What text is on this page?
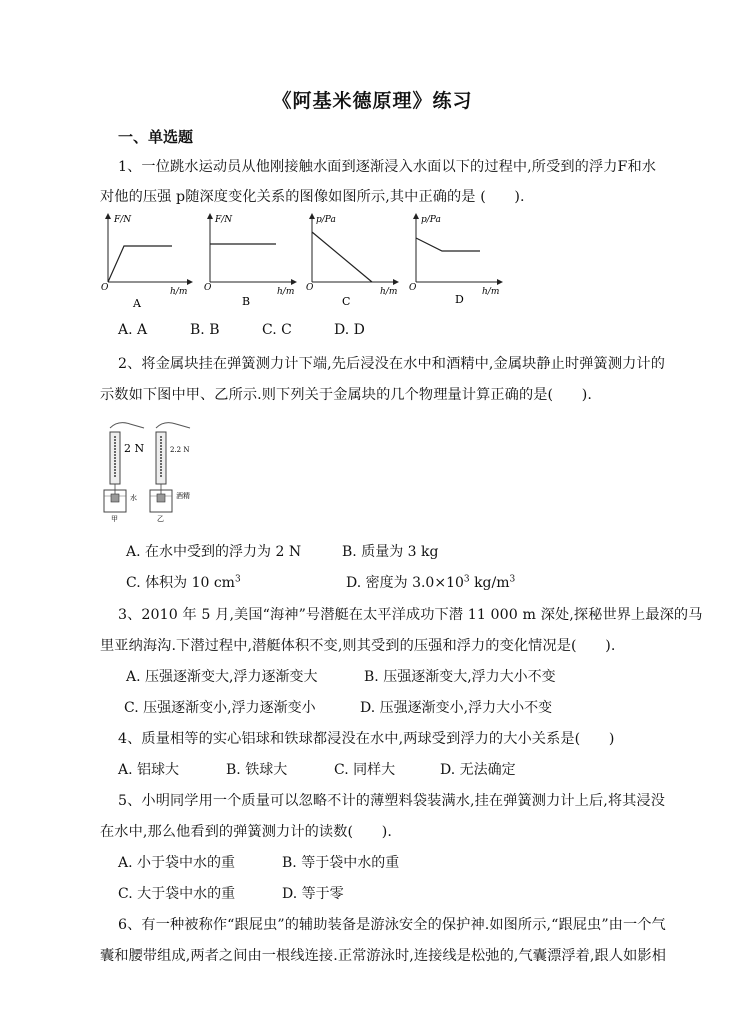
《阿基米德原理》练习
一、单选题
1、一位跳水运动员从他刚接触水面到逐渐浸入水面以下的过程中,所受到的浮力F和水
对他的压强 p随深度变化关系的图像如图所示,其中正确的是 (　　).
F/N
h/m
O
A
F/N
h/m
O
B
p/Pa
h/m
O
C
p/Pa
h/m
O
D
A. A	B. B	C. C	D. D
2、将金属块挂在弹簧测力计下端,先后浸没在水中和酒精中,金属块静止时弹簧测力计的
示数如下图中甲、乙所示.则下列关于金属块的几个物理量计算正确的是(　　).
2 N
水
甲
2.2 N
酒精
乙
A. 在水中受到的浮力为 2 N	B. 质量为 3 kg
C. 体积为 10 $cm^3$	D. 密度为 $3.0\times 10^3$ $kg/m^3$
3、2010 年 5 月,美国“海神”号潜艇在太平洋成功下潜 11 000 m 深处,探秘世界上最深的马
里亚纳海沟.下潜过程中,潜艇体积不变,则其受到的压强和浮力的变化情况是(　　).
A. 压强逐渐变大,浮力逐渐变大	B. 压强逐渐变大,浮力大小不变
C. 压强逐渐变小,浮力逐渐变小	D. 压强逐渐变小,浮力大小不变
4、质量相等的实心铝球和铁球都浸没在水中,两球受到浮力的大小关系是(　　)
A. 铝球大	B. 铁球大	C. 同样大	D. 无法确定
5、小明同学用一个质量可以忽略不计的薄塑料袋装满水,挂在弹簧测力计上后,将其浸没
在水中,那么他看到的弹簧测力计的读数(　　).
A. 小于袋中水的重	B. 等于袋中水的重
C. 大于袋中水的重	D. 等于零
6、有一种被称作“跟屁虫”的辅助装备是游泳安全的保护神.如图所示,“跟屁虫”由一个气
囊和腰带组成,两者之间由一根线连接.正常游泳时,连接线是松弛的,气囊漂浮着,跟人如影相
